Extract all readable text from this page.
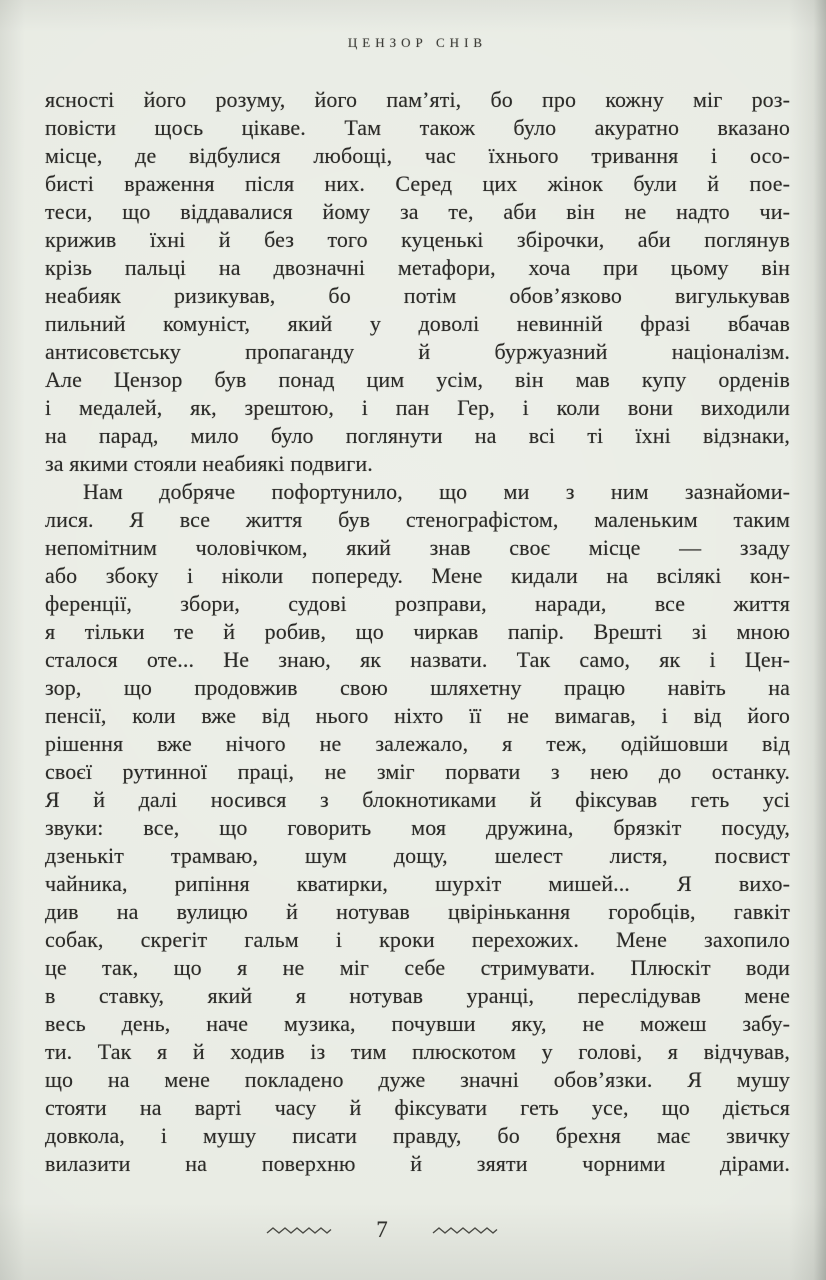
ЦЕНЗОР СНІВ
ясності його розуму, його пам’яті, бо про кожну міг роз-
повісти щось цікаве. Там також було акуратно вказано
місце, де відбулися любощі, час їхнього тривання і осо-
бисті враження після них. Серед цих жінок були й пое-
теси, що віддавалися йому за те, аби він не надто чи-
крижив їхні й без того куценькі збірочки, аби поглянув
крізь пальці на двозначні метафори, хоча при цьому він
неабияк ризикував, бо потім обов’язково вигулькував
пильний комуніст, який у доволі невинній фразі вбачав
антисовєтську пропаганду й буржуазний націоналізм.
Але Цензор був понад цим усім, він мав купу орденів
і медалей, як, зрештою, і пан Гер, і коли вони виходили
на парад, мило було поглянути на всі ті їхні відзнаки,
за якими стояли неабиякі подвиги.
Нам добряче пофортунило, що ми з ним зазнайоми-
лися. Я все життя був стенографістом, маленьким таким
непомітним чоловічком, який знав своє місце — ззаду
або збоку і ніколи попереду. Мене кидали на всілякі кон-
ференції, збори, судові розправи, наради, все життя
я тільки те й робив, що чиркав папір. Врешті зі мною
сталося оте... Не знаю, як назвати. Так само, як і Цен-
зор, що продовжив свою шляхетну працю навіть на
пенсії, коли вже від нього ніхто її не вимагав, і від його
рішення вже нічого не залежало, я теж, одійшовши від
своєї рутинної праці, не зміг порвати з нею до останку.
Я й далі носився з блокнотиками й фіксував геть усі
звуки: все, що говорить моя дружина, брязкіт посуду,
дзенькіт трамваю, шум дощу, шелест листя, посвист
чайника, рипіння кватирки, шурхіт мишей... Я вихо-
див на вулицю й нотував цвірінькання горобців, гавкіт
собак, скрегіт гальм і кроки перехожих. Мене захопило
це так, що я не міг себе стримувати. Плюскіт води
в ставку, який я нотував уранці, переслідував мене
весь день, наче музика, почувши яку, не можеш забу-
ти. Так я й ходив із тим плюскотом у голові, я відчував,
що на мене покладено дуже значні обов’язки. Я мушу
стояти на варті часу й фіксувати геть усе, що діється
довкола, і мушу писати правду, бо брехня має звичку
вилазити на поверхню й зяяти чорними дірами.
7
